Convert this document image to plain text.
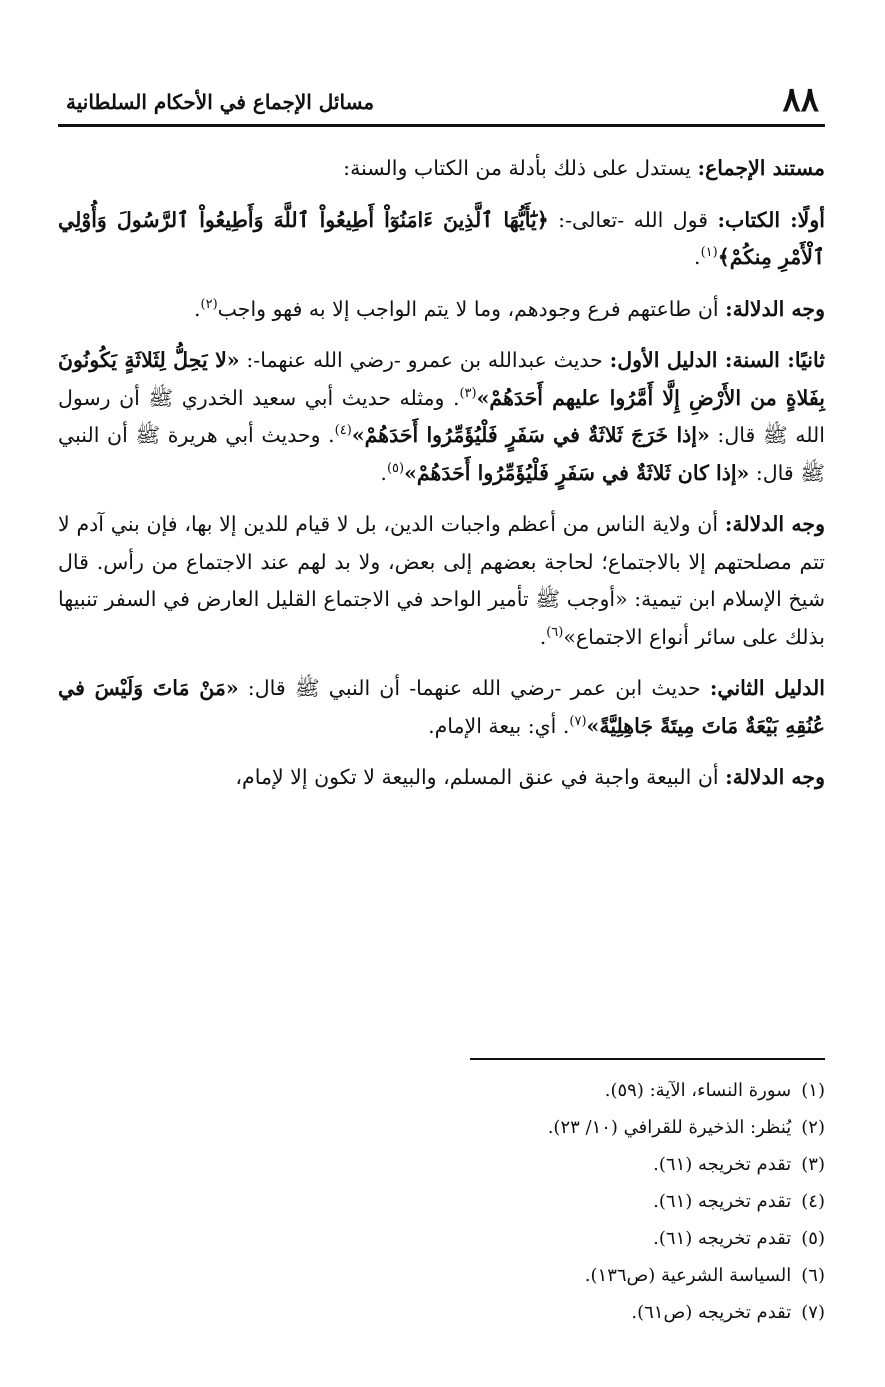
٨٨
مسائل الإجماع في الأحكام السلطانية

مستند الإجماع: يستدل على ذلك بأدلة من الكتاب والسنة:

أولًا: الكتاب: قول الله -تعالى-: ﴿يَٰٓأَيُّهَا ٱلَّذِينَ ءَامَنُوٓاْ أَطِيعُواْ ٱللَّهَ وَأَطِيعُواْ ٱلرَّسُولَ وَأُوْلِي ٱلْأَمْرِ مِنكُمْ﴾$^{(١)}$.

وجه الدلالة: أن طاعتهم فرع وجودهم، وما لا يتم الواجب إلا به فهو واجب$^{(٢)}$.

ثانيًا: السنة: الدليل الأول: حديث عبدالله بن عمرو -رضي الله عنهما-: «لا يَحِلُّ لِثَلاثَةٍ يَكُونُونَ بِفَلاةٍ من الأَرْضِ إِلَّا أَمَّرُوا عليهم أَحَدَهُمْ»$^{(٣)}$. ومثله حديث أبي سعيد الخدري ﷺ أن رسول الله ﷺ قال: «إذا خَرَجَ ثَلاثَةٌ في سَفَرٍ فَلْيُؤَمِّرُوا أَحَدَهُمْ»$^{(٤)}$. وحديث أبي هريرة ﷺ أن النبي ﷺ قال: «إذا كان ثَلاثَةٌ في سَفَرٍ فَلْيُؤَمِّرُوا أَحَدَهُمْ»$^{(٥)}$.

وجه الدلالة: أن ولاية الناس من أعظم واجبات الدين، بل لا قيام للدين إلا بها، فإن بني آدم لا تتم مصلحتهم إلا بالاجتماع؛ لحاجة بعضهم إلى بعض، ولا بد لهم عند الاجتماع من رأس. قال شيخ الإسلام ابن تيمية: «أوجب ﷺ تأمير الواحد في الاجتماع القليل العارض في السفر تنبيها بذلك على سائر أنواع الاجتماع»$^{(٦)}$.

الدليل الثاني: حديث ابن عمر -رضي الله عنهما- أن النبي ﷺ قال: «مَنْ مَاتَ وَلَيْسَ في عُنُقِهِ بَيْعَةٌ مَاتَ مِيتَةً جَاهِلِيَّةً»$^{(٧)}$. أي: بيعة الإمام.

وجه الدلالة: أن البيعة واجبة في عنق المسلم، والبيعة لا تكون إلا لإمام،

(١)سورة النساء، الآية: (٥٩).
(٢)يُنظر: الذخيرة للقرافي (١٠/ ٢٣).
(٣)تقدم تخريجه (٦١).
(٤)تقدم تخريجه (٦١).
(٥)تقدم تخريجه (٦١).
(٦)السياسة الشرعية (ص١٣٦).
(٧)تقدم تخريجه (ص٦١).
